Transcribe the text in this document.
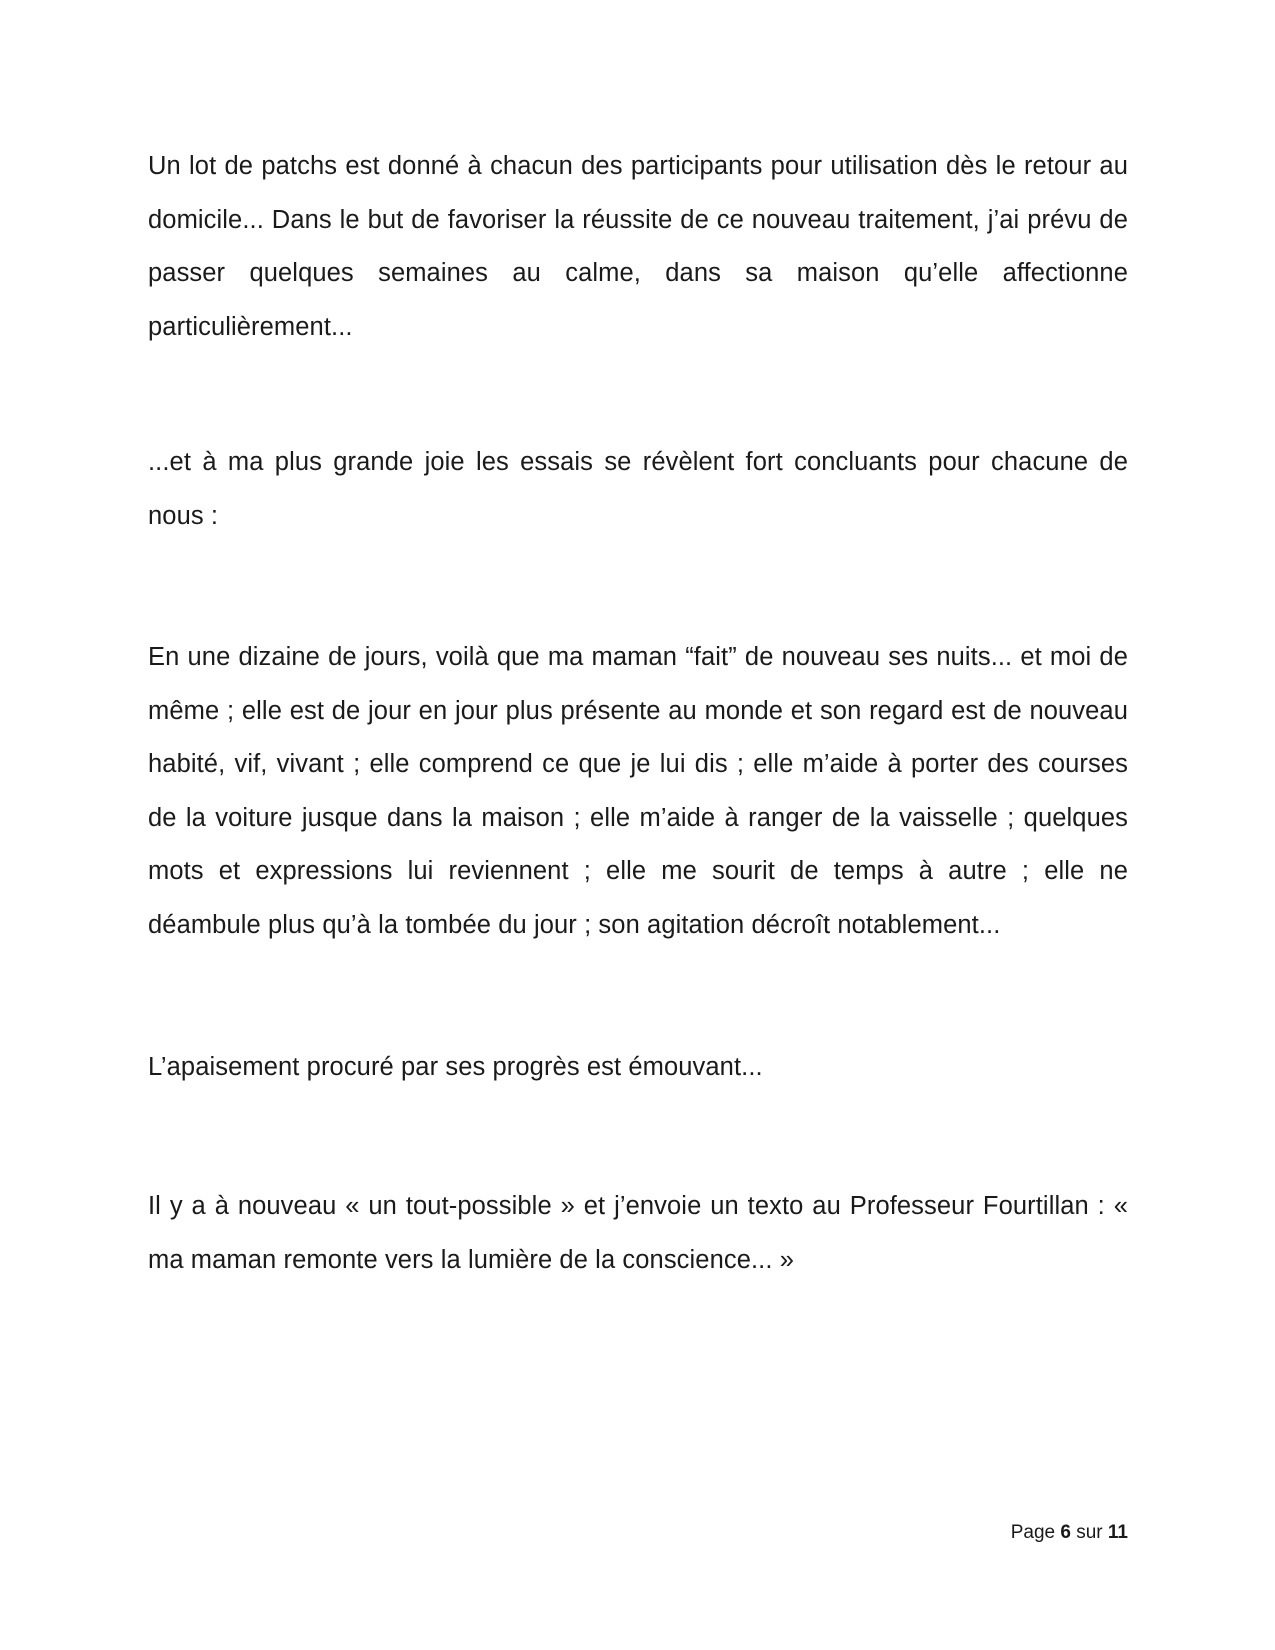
Un lot de patchs est donné à chacun des participants pour utilisation dès le retour au domicile... Dans le but de favoriser la réussite de ce nouveau traitement, j’ai prévu de passer quelques semaines au calme, dans sa maison qu’elle affectionne particulièrement...

...et à ma plus grande joie les essais se révèlent fort concluants pour chacune de nous :

En une dizaine de jours, voilà que ma maman “fait” de nouveau ses nuits... et moi de même ; elle est de jour en jour plus présente au monde et son regard est de nouveau habité, vif, vivant ; elle comprend ce que je lui dis ; elle m’aide à porter des courses de la voiture jusque dans la maison ; elle m’aide à ranger de la vaisselle ; quelques mots et expressions lui reviennent ; elle me sourit de temps à autre ; elle ne déambule plus qu’à la tombée du jour ; son agitation décroît notablement...

L’apaisement procuré par ses progrès est émouvant...

Il y a à nouveau « un tout-possible » et j’envoie un texto au Professeur Fourtillan : « ma maman remonte vers la lumière de la conscience... »

Page 6 sur 11
